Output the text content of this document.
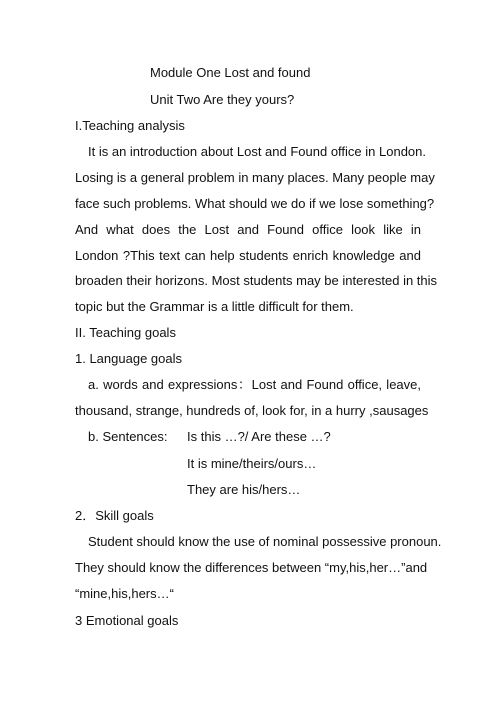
Module One Lost and found
Unit Two Are they yours?
I.Teaching analysis
It is an introduction about Lost and Found office in London.
Losing is a general problem in many places. Many people may
face such problems. What should we do if we lose something?
And what does the Lost and Found office look like in
London ?This text can help students enrich knowledge and
broaden their horizons. Most students may be interested in this
topic but the Grammar is a little difficult for them.
II. Teaching goals
1. Language goals
a. words and expressions：Lost and Found office, leave,
thousand, strange, hundreds of, look for, in a hurry ,sausages
b. Sentences: Is this …?/ Are these …?
It is mine/theirs/ours…
They are his/hers…
2．Skill goals
Student should know the use of nominal possessive pronoun.
They should know the differences between “my,his,her…”and
“mine,his,hers…“
3 Emotional goals
